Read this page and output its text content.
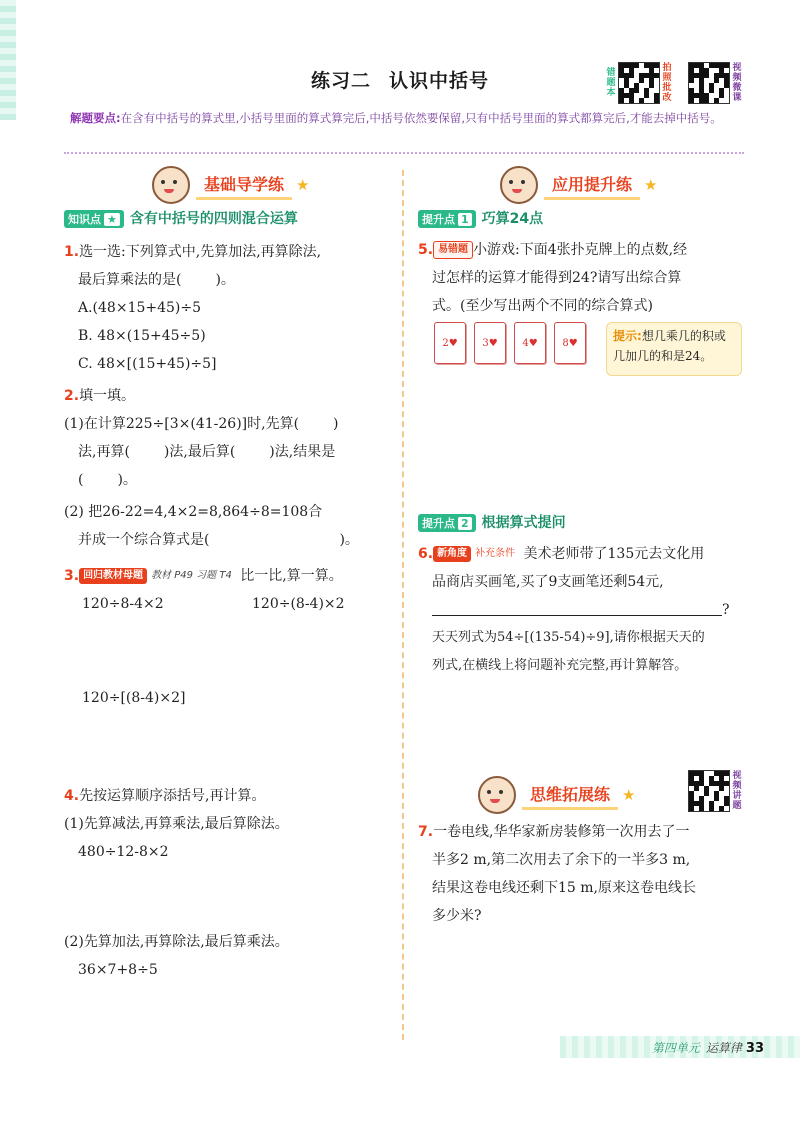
练习二 认识中括号	错题本
拍照批改
视频微课
解题要点:在含有中括号的算式里,小括号里面的算式算完后,中括号依然要保留,只有中括号里面的算式都算完后,才能去掉中括号。
基础导学练 ★
知识点 ★ 含有中括号的四则混合运算
1.选一选:下列算式中,先算加法,再算除法,
最后算乘法的是( )。
A.(48×15+45)÷5
B. 48×(15+45÷5)
C. 48×[(15+45)÷5]
2.填一填。
(1)在计算225÷[3×(41-26)]时,先算( )
法,再算( )法,最后算( )法,结果是
( )。
(2) 把26-22=4,4×2=8,864÷8=108合
并成一个综合算式是(	)。
3. 回归教材母题 教材 P49 习题 T4 比一比,算一算。
120÷8-4×2	120÷(8-4)×2
120÷[(8-4)×2]
4.先按运算顺序添括号,再计算。
(1)先算减法,再算乘法,最后算除法。
480÷12-8×2
(2)先算加法,再算除法,最后算乘法。
36×7+8÷5
应用提升练 ★
提升点 1 巧算24点
5. 易错题 小游戏:下面4张扑克牌上的点数,经
过怎样的运算才能得到24?请写出综合算
式。(至少写出两个不同的综合算式)
2 ♥	3 ♥	4 ♥	8 ♥	提示:想几乘几的积或几加几的和是24。
提升点 2 根据算式提问
6. 新角度 补充条件 美术老师带了135元去文化用
品商店买画笔,买了9支画笔还剩54元,
?
天天列式为54÷[(135-54)÷9],请你根据天天的
列式,在横线上将问题补充完整,再计算解答。
思维拓展练 ★
视频讲题
7.一卷电线,华华家新房装修第一次用去了一
半多2 m,第二次用去了余下的一半多3 m,
结果这卷电线还剩下15 m,原来这卷电线长
多少米?
第四单元 运算律 33
